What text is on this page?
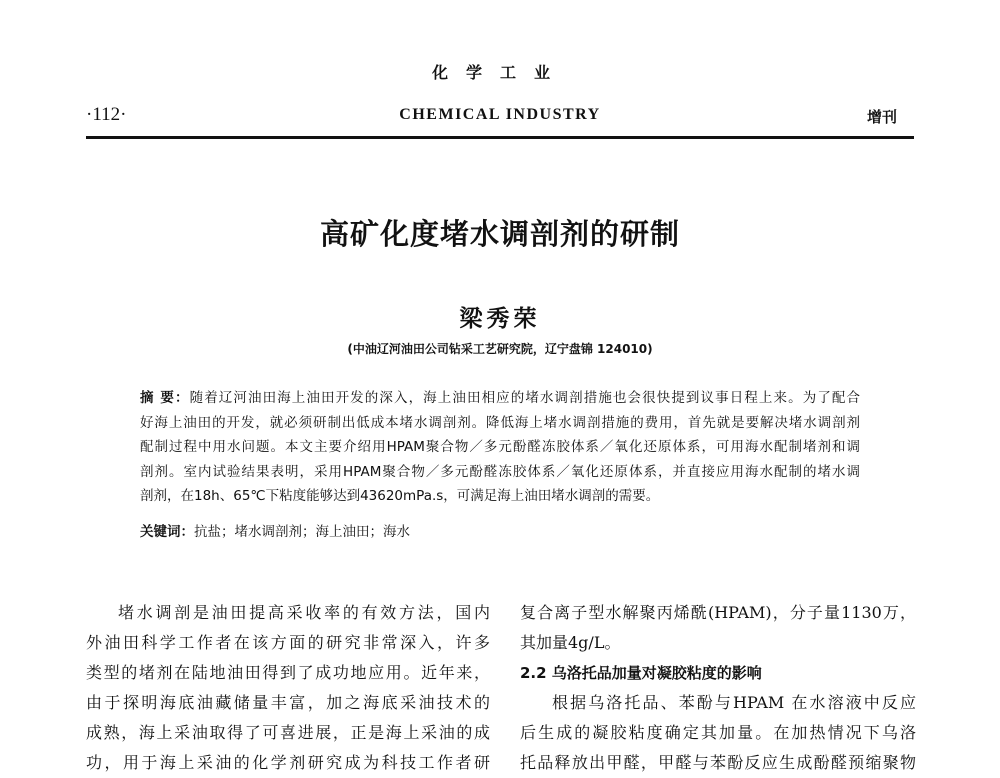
化学工业
·112·	CHEMICAL INDUSTRY	增刊
高矿化度堵水调剖剂的研制
梁秀荣
(中油辽河油田公司钻采工艺研究院，辽宁盘锦 124010)
摘 要：随着辽河油田海上油田开发的深入，海上油田相应的堵水调剖措施也会很快提到议事日程上来。为了配合
好海上油田的开发，就必须研制出低成本堵水调剖剂。降低海上堵水调剖措施的费用，首先就是要解决堵水调剖剂
配制过程中用水问题。本文主要介绍用HPAM聚合物／多元酚醛冻胶体系／氧化还原体系，可用海水配制堵剂和调
剖剂。室内试验结果表明，采用HPAM聚合物／多元酚醛冻胶体系／氧化还原体系，并直接应用海水配制的堵水调
剖剂，在18h、65℃下粘度能够达到43620mPa.s，可满足海上油田堵水调剖的需要。
关键词：抗盐；堵水调剖剂；海上油田；海水
堵水调剖是油田提高采收率的有效方法，国内
外油田科学工作者在该方面的研究非常深入，许多
类型的堵剂在陆地油田得到了成功地应用。近年来，
由于探明海底油藏储量丰富，加之海底采油技术的
成熟，海上采油取得了可喜进展，正是海上采油的成
功，用于海上采油的化学剂研究成为科技工作者研
复合离子型水解聚丙烯酰(HPAM)，分子量1130万，
其加量4g/L。
2.2 乌洛托品加量对凝胶粘度的影响
根据乌洛托品、苯酚与HPAM 在水溶液中反应
后生成的凝胶粘度确定其加量。在加热情况下乌洛
托品释放出甲醛，甲醛与苯酚反应生成酚醛预缩聚物
